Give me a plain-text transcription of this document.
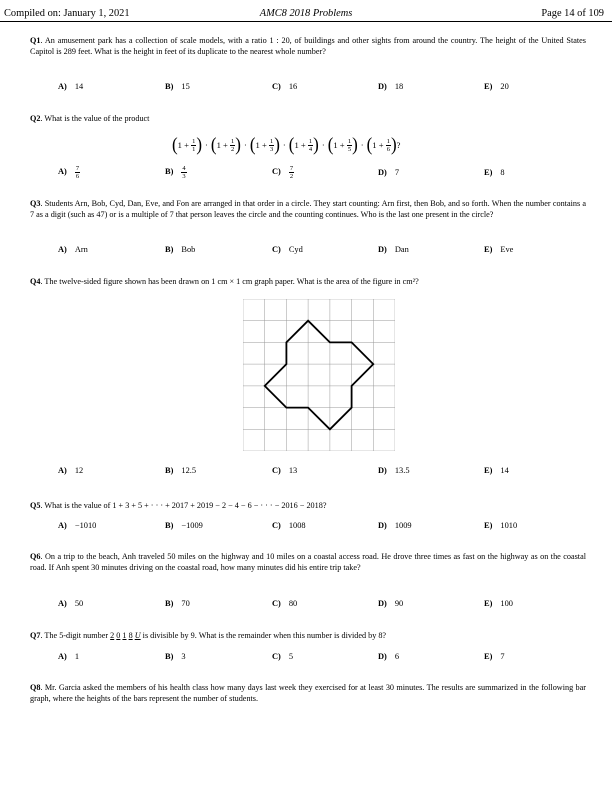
Compiled on: January 1, 2021	AMC8 2018 Problems	Page 14 of 109
Q1. An amusement park has a collection of scale models, with a ratio 1 : 20, of buildings and other sights from around the country. The height of the United States Capitol is 289 feet. What is the height in feet of its duplicate to the nearest whole number?
A) 14	B) 15	C) 16	D) 18	E) 20
Q2. What is the value of the product
( $1 + \frac{1}{1}$ ) · ( $1 + \frac{1}{2}$ ) · ( $1 + \frac{1}{3}$ ) · ( $1 + \frac{1}{4}$ ) · ( $1 + \frac{1}{5}$ ) · ( $1 + \frac{1}{6}$ ) ?
$A) \frac{7}{6}$	$B) \frac{4}{3}$	$C) \frac{7}{2}$	D) 7	E) 8
Q3. Students Arn, Bob, Cyd, Dan, Eve, and Fon are arranged in that order in a circle. They start counting: Arn first, then Bob, and so forth. When the number contains a 7 as a digit (such as 47) or is a multiple of 7 that person leaves the circle and the counting continues. Who is the last one present in the circle?
A) Arn	B) Bob	C) Cyd	D) Dan	E) Eve
Q4. The twelve-sided figure shown has been drawn on 1 cm × 1 cm graph paper. What is the area of the figure in cm²?
A) 12	B) 12.5	C) 13	D) 13.5	E) 14
Q5. What is the value of 1 + 3 + 5 + · · · + 2017 + 2019 − 2 − 4 − 6 − · · · − 2016 − 2018?
A) −1010	B) −1009	C) 1008	D) 1009	E) 1010
Q6. On a trip to the beach, Anh traveled 50 miles on the highway and 10 miles on a coastal access road. He drove three times as fast on the highway as on the coastal road. If Anh spent 30 minutes driving on the coastal road, how many minutes did his entire trip take?
A) 50	B) 70	C) 80	D) 90	E) 100
Q7. The 5-digit number 2 0 1 8 U is divisible by 9. What is the remainder when this number is divided by 8?
A) 1	B) 3	C) 5	D) 6	E) 7
Q8. Mr. Garcia asked the members of his health class how many days last week they exercised for at least 30 minutes. The results are summarized in the following bar graph, where the heights of the bars represent the number of students.
